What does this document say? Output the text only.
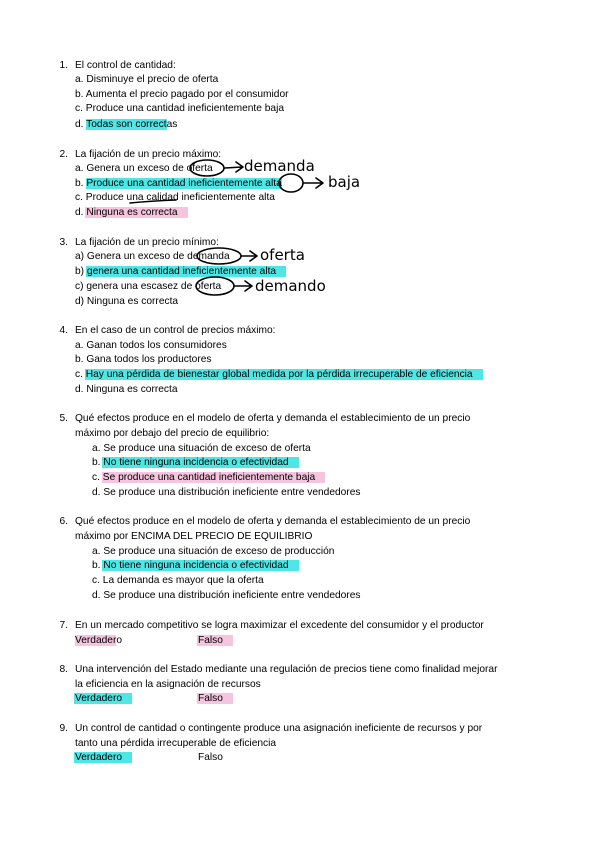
1. El control de cantidad:
a. Disminuye el precio de oferta
b. Aumenta el precio pagado por el consumidor
c. Produce una cantidad ineficientemente baja
d. Todas son correctas
2. La fijación de un precio máximo:
a. Genera un exceso de oferta
b. Produce una cantidad ineficientemente alta
c. Produce una calidad ineficientemente alta
d. Ninguna es correcta
3. La fijación de un precio mínimo:
a) Genera un exceso de demanda
b) genera una cantidad ineficientemente alta
c) genera una escasez de oferta
d) Ninguna es correcta
4. En el caso de un control de precios máximo:
a. Ganan todos los consumidores
b. Gana todos los productores
c. Hay una pérdida de bienestar global medida por la pérdida irrecuperable de eficiencia
d. Ninguna es correcta
5. Qué efectos produce en el modelo de oferta y demanda el establecimiento de un precio
máximo por debajo del precio de equilibrio:
a. Se produce una situación de exceso de oferta
b. No tiene ninguna incidencia o efectividad
c. Se produce una cantidad ineficientemente baja
d. Se produce una distribución ineficiente entre vendedores
6. Qué efectos produce en el modelo de oferta y demanda el establecimiento de un precio
máximo por ENCIMA DEL PRECIO DE EQUILIBRIO
a. Se produce una situación de exceso de producción
b. No tiene ninguna incidencia o efectividad
c. La demanda es mayor que la oferta
d. Se produce una distribución ineficiente entre vendedores
7. En un mercado competitivo se logra maximizar el excedente del consumidor y el productor
Verdadero	Falso
8. Una intervención del Estado mediante una regulación de precios tiene como finalidad mejorar
la eficiencia en la asignación de recursos
Verdadero	Falso
9. Un control de cantidad o contingente produce una asignación ineficiente de recursos y por
tanto una pérdida irrecuperable de eficiencia
Verdadero	Falso
demanda
baja
oferta
demando
